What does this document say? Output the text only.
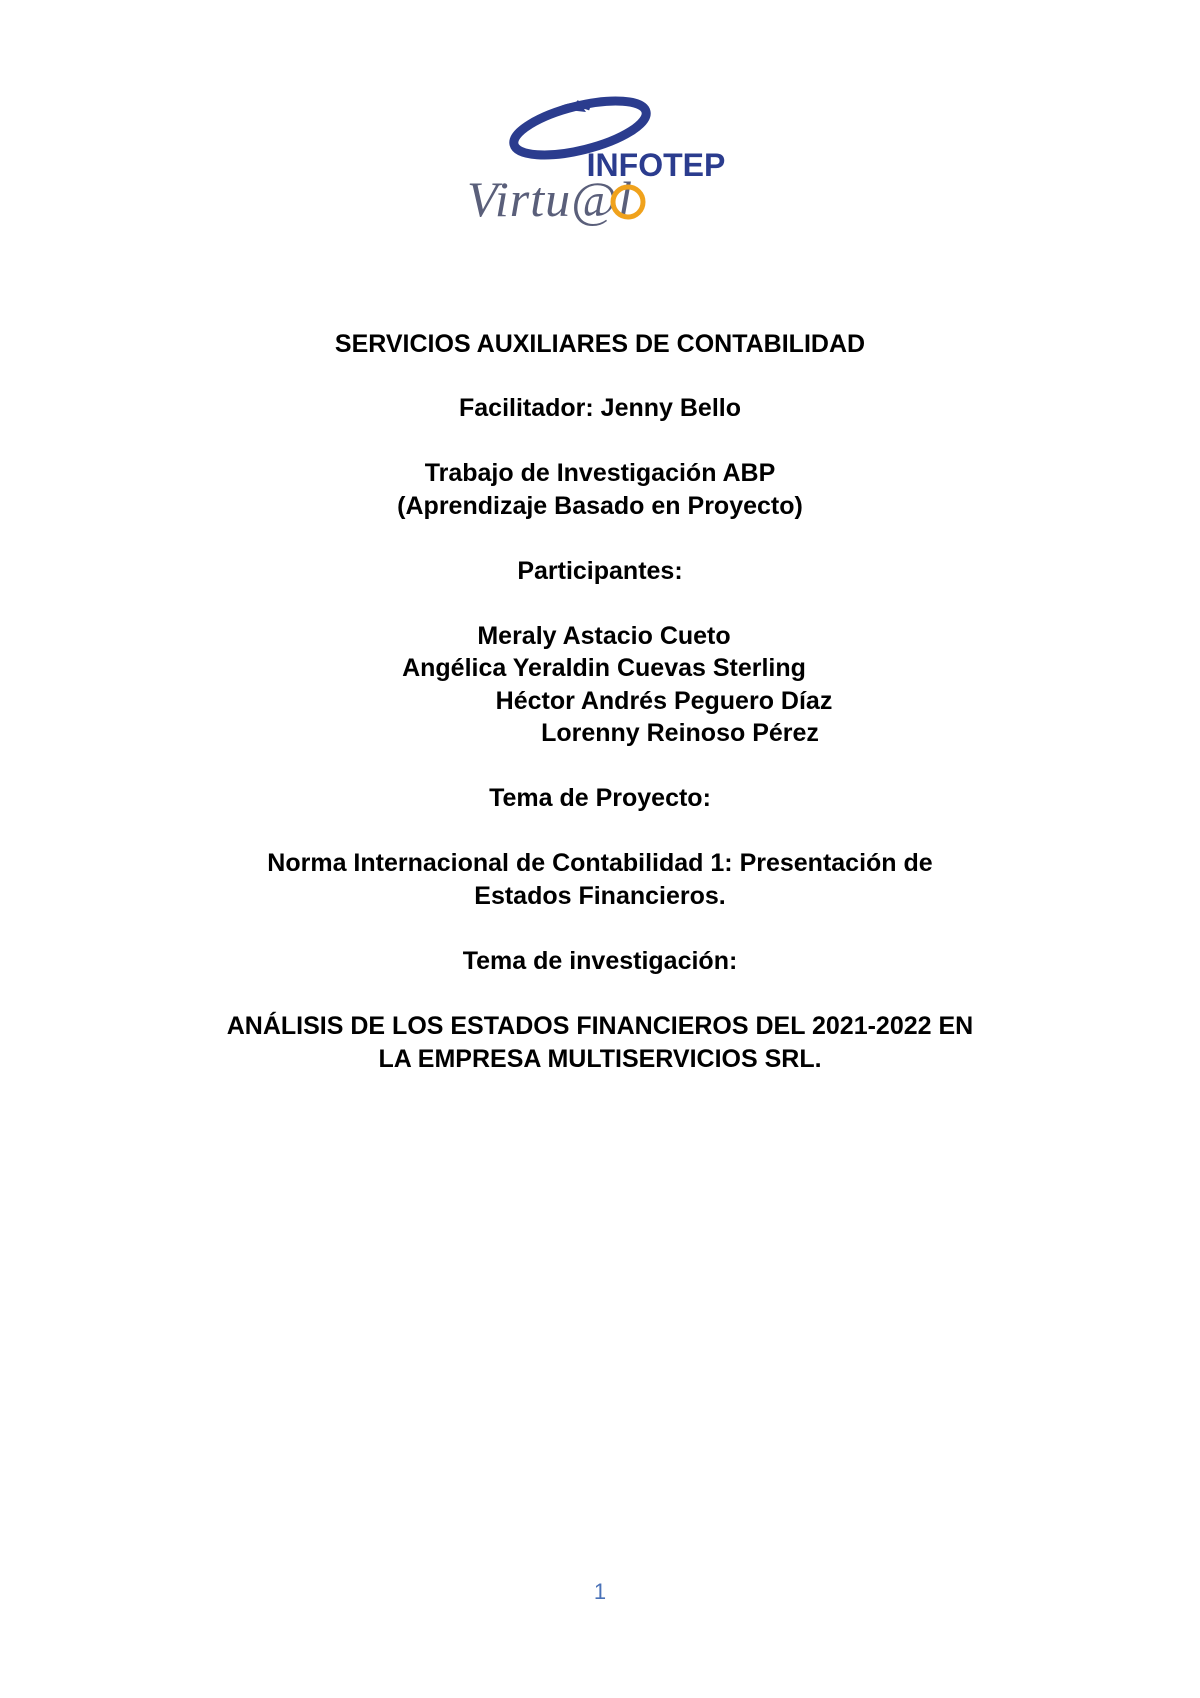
INFOTEP
Virtu@l
SERVICIOS AUXILIARES DE CONTABILIDAD
Facilitador: Jenny Bello
Trabajo de Investigación ABP
(Aprendizaje Basado en Proyecto)
Participantes:
Meraly Astacio Cueto
Angélica Yeraldin Cuevas Sterling
Héctor Andrés Peguero Díaz
Lorenny Reinoso Pérez
Tema de Proyecto:
Norma Internacional de Contabilidad 1: Presentación de
Estados Financieros.
Tema de investigación:
ANÁLISIS DE LOS ESTADOS FINANCIEROS DEL 2021-2022 EN
LA EMPRESA MULTISERVICIOS SRL.
1
